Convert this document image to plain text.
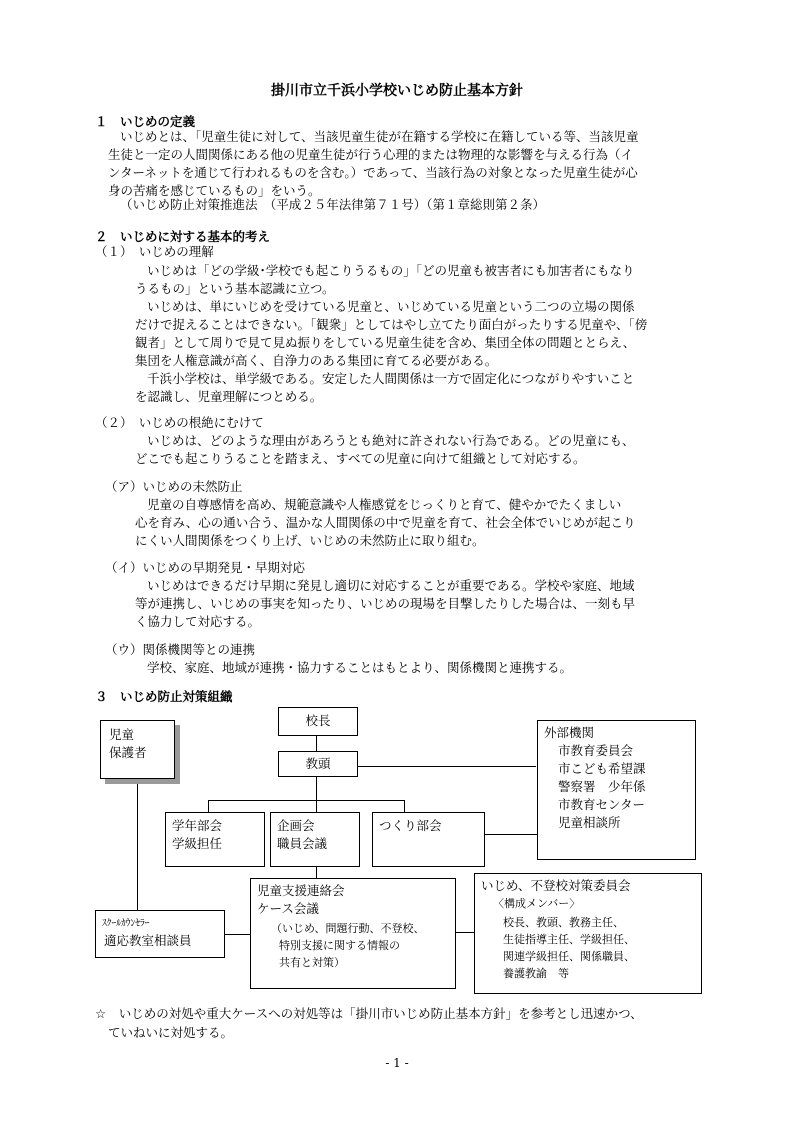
掛川市立千浜小学校いじめ防止基本方針
１　いじめの定義
いじめとは、「児童生徒に対して、当該児童生徒が在籍する学校に在籍している等、当該児童
生徒と一定の人間関係にある他の児童生徒が行う心理的または物理的な影響を与える行為（イ
ンターネットを通じて行われるものを含む。）であって、当該行為の対象となった児童生徒が心
身の苦痛を感じているもの」をいう。
（いじめ防止対策推進法　（平成２５年法律第７１号）（第１章総則第２条）
２　いじめに対する基本的考え
（１）　いじめの理解
いじめは「どの学級･学校でも起こりうるもの」「どの児童も被害者にも加害者にもなり
うるもの」という基本認識に立つ。
いじめは、単にいじめを受けている児童と、いじめている児童という二つの立場の関係
だけで捉えることはできない。「観衆」としてはやし立てたり面白がったりする児童や、「傍
観者」として周りで見て見ぬ振りをしている児童生徒を含め、集団全体の問題ととらえ、
集団を人権意識が高く、自浄力のある集団に育てる必要がある。
千浜小学校は、単学級である。安定した人間関係は一方で固定化につながりやすいこと
を認識し、児童理解につとめる。
（２）　いじめの根絶にむけて
いじめは、どのような理由があろうとも絶対に許されない行為である。どの児童にも、
どこでも起こりうることを踏まえ、すべての児童に向けて組織として対応する。
（ア）いじめの未然防止
児童の自尊感情を高め、規範意識や人権感覚をじっくりと育て、健やかでたくましい
心を育み、心の通い合う、温かな人間関係の中で児童を育て、社会全体でいじめが起こり
にくい人間関係をつくり上げ、いじめの未然防止に取り組む。
（イ）いじめの早期発見・早期対応
いじめはできるだけ早期に発見し適切に対応することが重要である。学校や家庭、地域
等が連携し、いじめの事実を知ったり、いじめの現場を目撃したりした場合は、一刻も早
く協力して対応する。
（ウ）関係機関等との連携
学校、家庭、地域が連携・協力することはもとより、関係機関と連携する。
３　いじめ防止対策組織
校長
教頭
児童
保護者
外部機関
市教育委員会
市こども希望課
警察署　少年係
市教育センター
児童相談所
学年部会
学級担任
企画会
職員会議
つくり部会
児童支援連絡会
ケース会議
（いじめ、問題行動、不登校、
特別支援に関する情報の
共有と対策）
ｽｸｰﾙｶｳﾝｾﾗｰ
適応教室相談員
いじめ、不登校対策委員会
〈構成メンバー〉
校長、教頭、教務主任、
生徒指導主任、学級担任、
関連学級担任、関係職員、
養護教諭　等
☆　いじめの対処や重大ケースへの対処等は「掛川市いじめ防止基本方針」を参考とし迅速かつ、
ていねいに対処する。
- 1 -
